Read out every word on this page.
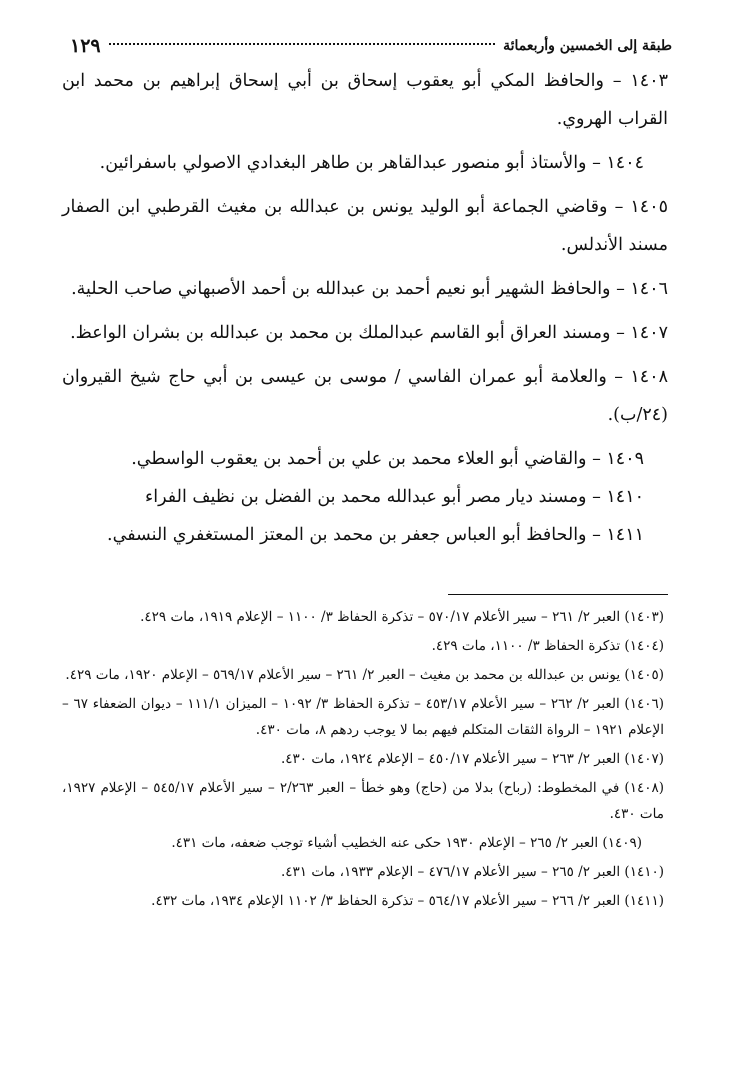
طبقة إلى الخمسين وأربعمائة
١٢٩
١٤٠٣ – والحافظ المكي أبو يعقوب إسحاق بن أبي إسحاق إبراهيم بن محمد ابن القراب الهروي.
١٤٠٤ – والأستاذ أبو منصور عبدالقاهر بن طاهر البغدادي الاصولي باسفرائين.
١٤٠٥ – وقاضي الجماعة أبو الوليد يونس بن عبدالله بن مغيث القرطبي ابن الصفار مسند الأندلس.
١٤٠٦ – والحافظ الشهير أبو نعيم أحمد بن عبدالله بن أحمد الأصبهاني صاحب الحلية.
١٤٠٧ – ومسند العراق أبو القاسم عبدالملك بن محمد بن عبدالله بن بشران الواعظ.
١٤٠٨ – والعلامة أبو عمران الفاسي / موسى بن عيسى بن أبي حاج شيخ القيروان (٢٤/ب).
١٤٠٩ – والقاضي أبو العلاء محمد بن علي بن أحمد بن يعقوب الواسطي.
١٤١٠ – ومسند ديار مصر أبو عبدالله محمد بن الفضل بن نظيف الفراء
١٤١١ – والحافظ أبو العباس جعفر بن محمد بن المعتز المستغفري النسفي.
(١٤٠٣) العبر ٢/ ٢٦١ – سير الأعلام ٥٧٠/١٧ – تذكرة الحفاظ ٣/ ١١٠٠ – الإعلام ١٩١٩، مات ٤٢٩.
(١٤٠٤) تذكرة الحفاظ ٣/ ١١٠٠، مات ٤٢٩.
(١٤٠٥) يونس بن عبدالله بن محمد بن مغيث – العبر ٢/ ٢٦١ – سير الأعلام ٥٦٩/١٧ – الإعلام ١٩٢٠، مات ٤٢٩.
(١٤٠٦) العبر ٢/ ٢٦٢ – سير الأعلام ٤٥٣/١٧ – تذكرة الحفاظ ٣/ ١٠٩٢ – الميزان ١١١/١ – ديوان الضعفاء ٦٧ – الإعلام ١٩٢١ – الرواة الثقات المتكلم فيهم بما لا يوجب ردهم ٨، مات ٤٣٠.
(١٤٠٧) العبر ٢/ ٢٦٣ – سير الأعلام ٤٥٠/١٧ – الإعلام ١٩٢٤، مات ٤٣٠.
(١٤٠٨) في المخطوط: (رباح) بدلا من (حاج) وهو خطأ – العبر ٢/٢٦٣ – سير الأعلام ٥٤٥/١٧ – الإعلام ١٩٢٧، مات ٤٣٠.
(١٤٠٩) العبر ٢/ ٢٦٥ – الإعلام ١٩٣٠ حكى عنه الخطيب أشياء توجب ضعفه، مات ٤٣١.
(١٤١٠) العبر ٢/ ٢٦٥ – سير الأعلام ٤٧٦/١٧ – الإعلام ١٩٣٣، مات ٤٣١.
(١٤١١) العبر ٢/ ٢٦٦ – سير الأعلام ٥٦٤/١٧ – تذكرة الحفاظ ٣/ ١١٠٢ الإعلام ١٩٣٤، مات ٤٣٢.
